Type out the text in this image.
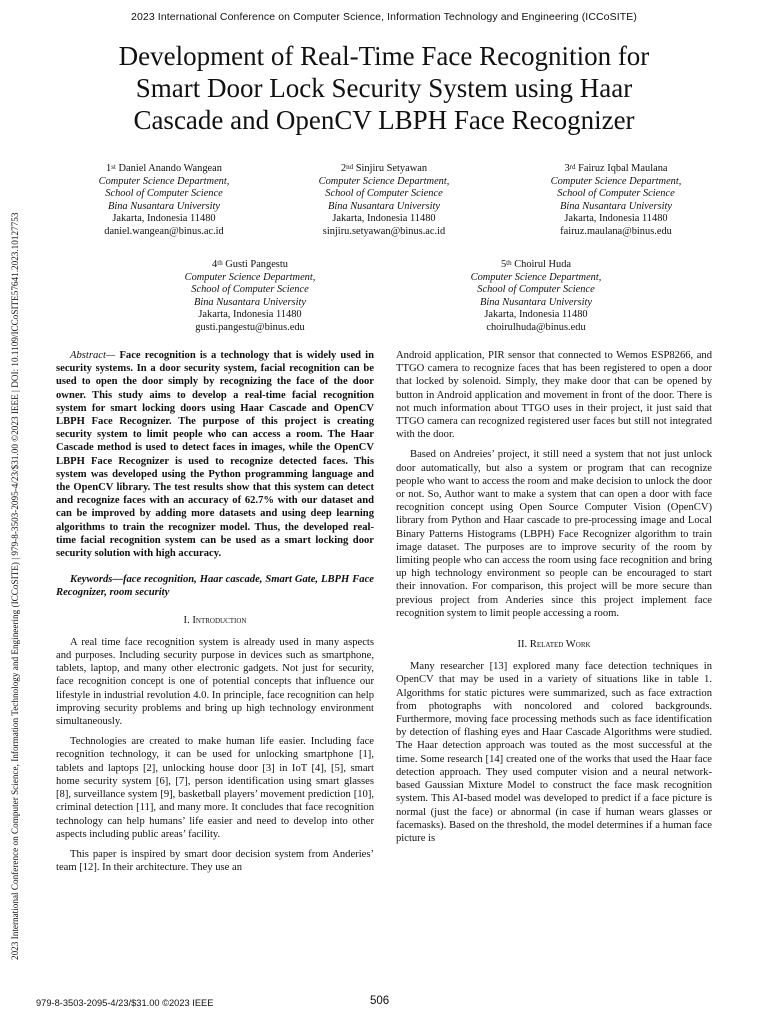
2023 International Conference on Computer Science, Information Technology and Engineering (ICCoSITE)
Development of Real-Time Face Recognition for
Smart Door Lock Security System using Haar
Cascade and OpenCV LBPH Face Recognizer
1st Daniel Anando Wangean
Computer Science Department,
School of Computer Science
Bina Nusantara University
Jakarta, Indonesia 11480
daniel.wangean@binus.ac.id
2nd Sinjiru Setyawan
Computer Science Department,
School of Computer Science
Bina Nusantara University
Jakarta, Indonesia 11480
sinjiru.setyawan@binus.ac.id
3rd Fairuz Iqbal Maulana
Computer Science Department,
School of Computer Science
Bina Nusantara University
Jakarta, Indonesia 11480
fairuz.maulana@binus.edu
4th Gusti Pangestu
Computer Science Department,
School of Computer Science
Bina Nusantara University
Jakarta, Indonesia 11480
gusti.pangestu@binus.edu
5th Choirul Huda
Computer Science Department,
School of Computer Science
Bina Nusantara University
Jakarta, Indonesia 11480
choirulhuda@binus.edu

Abstract— Face recognition is a technology that is widely used in security systems. In a door security system, facial recognition can be used to open the door simply by recognizing the face of the door owner. This study aims to develop a real-time facial recognition system for smart locking doors using Haar Cascade and OpenCV LBPH Face Recognizer. The purpose of this project is creating security system to limit people who can access a room. The Haar Cascade method is used to detect faces in images, while the OpenCV LBPH Face Recognizer is used to recognize detected faces. This system was developed using the Python programming language and the OpenCV library. The test results show that this system can detect and recognize faces with an accuracy of 62.7% with our dataset and can be improved by adding more datasets and using deep learning algorithms to train the recognizer model. Thus, the developed real-time facial recognition system can be used as a smart locking door security solution with high accuracy.

Keywords—face recognition, Haar cascade, Smart Gate, LBPH Face Recognizer, room security

I. Introduction

A real time face recognition system is already used in many aspects and purposes. Including security purpose in devices such as smartphone, tablets, laptop, and many other electronic gadgets. Not just for security, face recognition concept is one of potential concepts that influence our lifestyle in industrial revolution 4.0. In principle, face recognition can help improving security problems and bring up high technology environment simultaneously.

Technologies are created to make human life easier. Including face recognition technology, it can be used for unlocking smartphone [1], tablets and laptops [2], unlocking house door [3] in IoT [4], [5], smart home security system [6], [7], person identification using smart glasses [8], surveillance system [9], basketball players’ movement prediction [10], criminal detection [11], and many more. It concludes that face recognition technology can help humans’ life easier and need to develop into other aspects including public areas’ facility.

This paper is inspired by smart door decision system from Anderies’ team [12]. In their architecture. They use an

Android application, PIR sensor that connected to Wemos ESP8266, and TTGO camera to recognize faces that has been registered to open a door that locked by solenoid. Simply, they make door that can be opened by button in Android application and movement in front of the door. There is not much information about TTGO uses in their project, it just said that TTGO camera can recognized registered user faces but still not integrated with the door.

Based on Andreies’ project, it still need a system that not just unlock door automatically, but also a system or program that can recognize people who want to access the room and make decision to unlock the door or not. So, Author want to make a system that can open a door with face recognition concept using Open Source Computer Vision (OpenCV) library from Python and Haar cascade to pre-processing image and Local Binary Patterns Histograms (LBPH) Face Recognizer algorithm to train image dataset. The purposes are to improve security of the room by limiting people who can access the room using face recognition and bring up high technology environment so people can be encouraged to start their innovation. For comparison, this project will be more secure than previous project from Anderies since this project implement face recognition system to limit people accessing a room.

II. Related Work

Many researcher [13] explored many face detection techniques in OpenCV that may be used in a variety of situations like in table 1. Algorithms for static pictures were summarized, such as face extraction from photographs with noncolored and colored backgrounds. Furthermore, moving face processing methods such as face identification by detection of flashing eyes and Haar Cascade Algorithms were studied. The Haar detection approach was touted as the most successful at the time. Some research [14] created one of the works that used the Haar face detection approach. They used computer vision and a neural network-based Gaussian Mixture Model to construct the face mask recognition system. This AI-based model was developed to predict if a face picture is normal (just the face) or abnormal (in case if human wears glasses or facemasks). Based on the threshold, the model determines if a human face picture is

2023 International Conference on Computer Science, Information Technology and Engineering (ICCoSITE) | 979-8-3503-2095-4/23/$31.00 ©2023 IEEE | DOI: 10.1109/ICCoSITE57641.2023.10127753
979-8-3503-2095-4/23/$31.00 ©2023 IEEE	506
